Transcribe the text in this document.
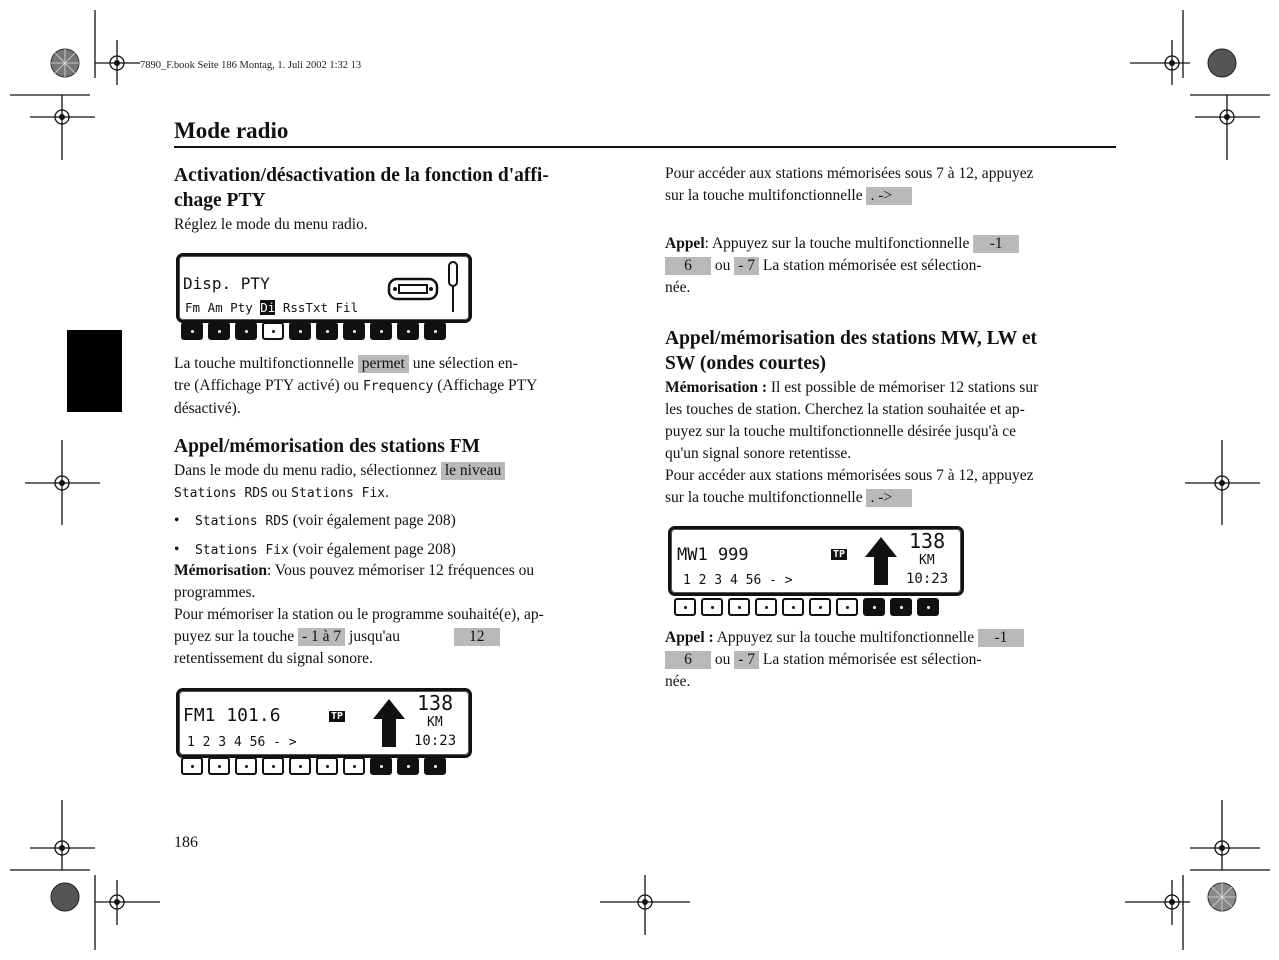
7890_F.book Seite 186 Montag, 1. Juli 2002 1:32 13
Mode radio
Activation/désactivation de la fonction d'affi-
chage PTY
Réglez le mode du menu radio.
Disp. PTY
Fm Am Pty Di RssTxt Fil
La touche multifonctionnelle permet une sélection en-
tre (Affichage PTY activé) ou Frequency (Affichage PTY
désactivé).
Appel/mémorisation des stations FM
Dans le mode du menu radio, sélectionnez le niveau
Stations RDS ou Stations Fix.
•    Stations RDS (voir également page 208)
•    Stations Fix (voir également page 208)
Mémorisation: Vous pouvez mémoriser 12 fréquences ou
programmes.
Pour mémoriser la station ou le programme souhaité(e), ap-
puyez sur la touche - 1 à 7 jusqu'au	12
retentissement du signal sonore.
FM1 101.6	TP
1 2 3 4 56 - >
138
KM
10:23
186
Pour accéder aux stations mémorisées sous 7 à 12, appuyez
sur la touche multifonctionnelle . ->
Appel: Appuyez sur la touche multifonctionnelle -1
6 ou - 7 La station mémorisée est sélection-
née.
Appel/mémorisation des stations MW, LW et
SW (ondes courtes)
Mémorisation : Il est possible de mémoriser 12 stations sur
les touches de station. Cherchez la station souhaitée et ap-
puyez sur la touche multifonctionnelle désirée jusqu'à ce
qu'un signal sonore retentisse.
Pour accéder aux stations mémorisées sous 7 à 12, appuyez
sur la touche multifonctionnelle . ->
MW1 999	TP
1 2 3 4 56 - >
138
KM
10:23
Appel : Appuyez sur la touche multifonctionnelle -1
6 ou - 7 La station mémorisée est sélection-
née.
